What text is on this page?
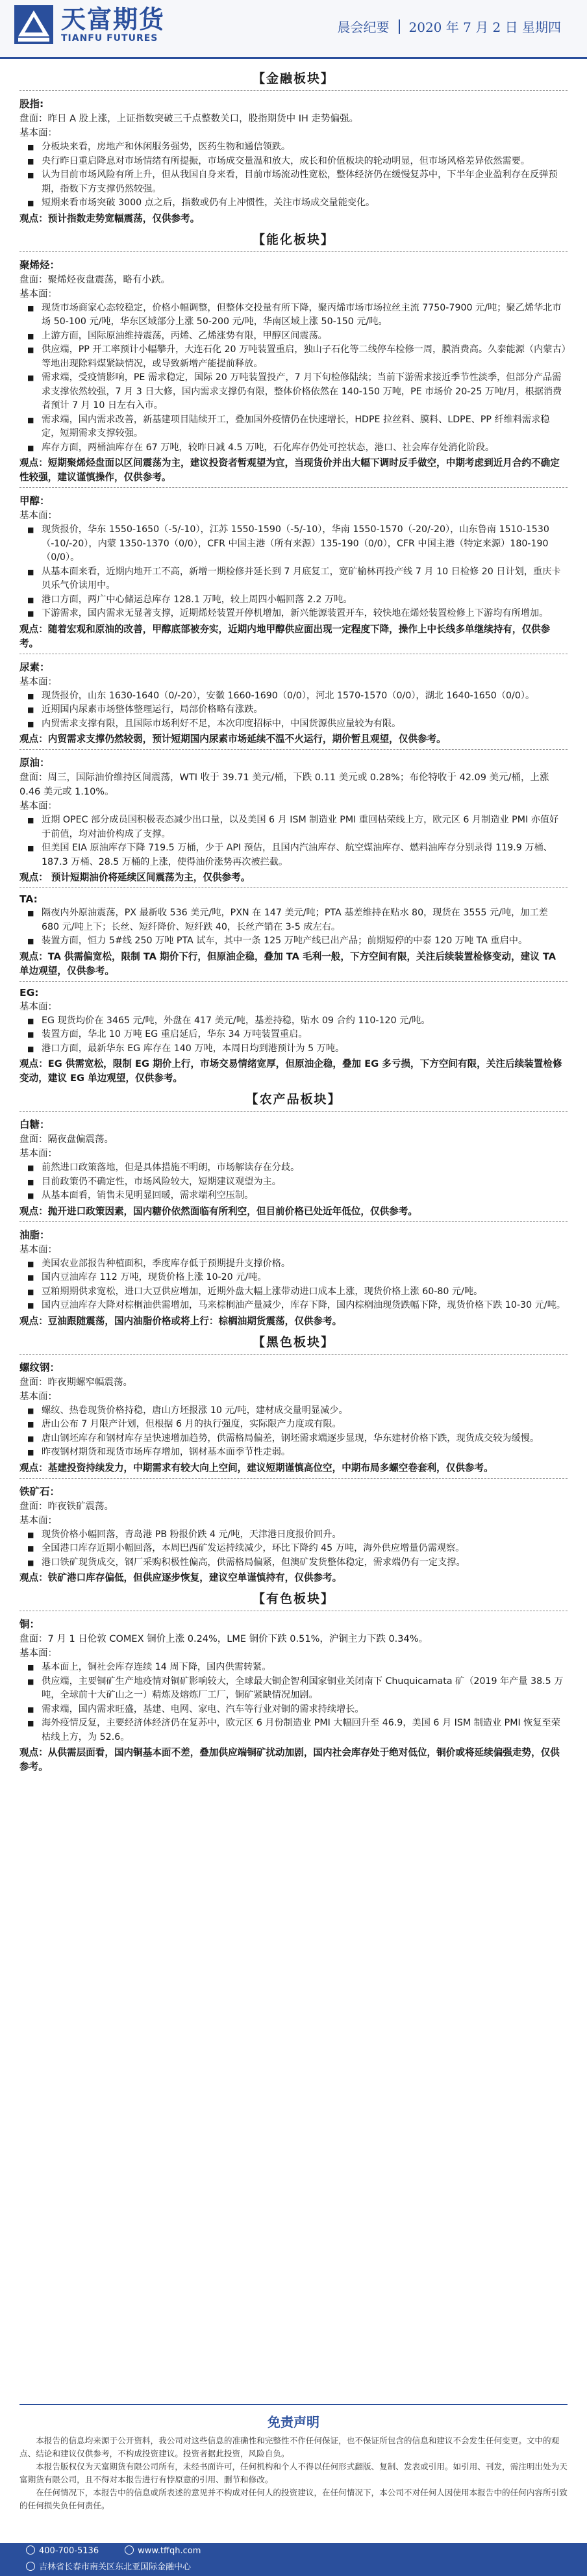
天富期货
TIANFU FUTURES
晨会纪要 2020 年 7 月 2 日 星期四
【金融板块】
股指:
盘面：昨日 A 股上涨，上证指数突破三千点整数关口，股指期货中 IH 走势偏强。
基本面：
■ 分板块来看，房地产和休闲服务强势，医药生物和通信领跌。
■ 央行昨日重启降息对市场情绪有所提振，市场成交量温和放大，成长和价值板块的轮动明显，但市场风格差异依然需要。
■ 认为目前市场风险有所上升，但从我国自身来看，目前市场流动性宽松，整体经济仍在缓慢复苏中，下半年企业盈利存在反弹预期，指数下方支撑仍然较强。
■ 短期来看市场突破 3000 点之后，指数或仍有上冲惯性，关注市场成交量能变化。
观点：预计指数走势宽幅震荡，仅供参考。
【能化板块】
聚烯烃：
盘面：聚烯烃夜盘震荡，略有小跌。
基本面：
■ 现货市场商家心态较稳定，价格小幅调整，但整体交投量有所下降，聚丙烯市场市场拉丝主流 7750-7900 元/吨；聚乙烯华北市场 50-100 元/吨，华东区域部分上涨 50-200 元/吨，华南区域上涨 50-150 元/吨。
■ 上游方面，国际原油维持震荡，丙烯、乙烯涨势有限，甲醇区间震荡。
■ 供应端，PP 开工率预计小幅攀升，大连石化 20 万吨装置重启，独山子石化等二线停车检修一周，膜消费高。久泰能源（内蒙古）等地出现除料煤紧缺情况，或导致新增产能提前释放。
■ 需求端，受疫情影响，PE 需求稳定，国际 20 万吨装置投产，7 月下旬检修陆续；当前下游需求接近季节性淡季，但部分产品需求支撑依然较强，7 月 3 日大修，国内需求支撑仍有限，整体价格依然在 140-150 万吨，PE 市场价 20-25 万吨/月，根据消费者预计 7 月 10 日左右入市。
■ 需求端，国内需求改善，新基建项目陆续开工，叠加国外疫情仍在快速增长，HDPE 拉丝料、膜料、LDPE、PP 纤维料需求稳定，短期需求支撑较强。
■ 库存方面，两桶油库存在 67 万吨，较昨日减 4.5 万吨，石化库存仍处可控状态，港口、社会库存处消化阶段。
观点：短期聚烯烃盘面以区间震荡为主，建议投资者暂观望为宜，当现货价并出大幅下调时反手做空，中期考虑到近月合约不确定性较强，建议谨慎操作，仅供参考。
甲醇：
基本面：
■ 现货报价，华东 1550-1650（-5/-10），江苏 1550-1590（-5/-10），华南 1550-1570（-20/-20），山东鲁南 1510-1530（-10/-20），内蒙 1350-1370（0/0），CFR 中国主港（所有来源）135-190（0/0），CFR 中国主港（特定来源）180-190（0/0）。
■ 从基本面来看，近期内地开工不高，新增一期检修并延长到 7 月底复工，宽矿榆林再投产线 7 月 10 日检修 20 日计划，重庆卡贝乐气价读用中。
■ 港口方面，两广中心储运总库存 128.1 万吨，较上周四小幅回落 2.2 万吨。
■ 下游需求，国内需求无显著支撑，近期烯烃装置开停机增加，新兴能源装置开车，较快地在烯烃装置检修上下游均有所增加。
观点：随着宏观和原油的改善，甲醇底部被夯实，近期内地甲醇供应面出现一定程度下降，操作上中长线多单继续持有，仅供参考。
尿素：
基本面：
■ 现货报价，山东 1630-1640（0/-20），安徽 1660-1690（0/0），河北 1570-1570（0/0），湖北 1640-1650（0/0）。
■ 近期国内尿素市场整体整理运行，局部价格略有涨跌。
■ 内贸需求支撑有限，且国际市场利好不足，本次印度招标中，中国货源供应量较为有限。
观点：内贸需求支撑仍然较弱，预计短期国内尿素市场延续不温不火运行，期价暂且观望，仅供参考。
原油：
盘面：周三，国际油价维持区间震荡，WTI 收于 39.71 美元/桶，下跌 0.11 美元或 0.28%；布伦特收于 42.09 美元/桶，上涨 0.46 美元或 1.10%。
基本面：
■ 近期 OPEC 部分成员国积极表态减少出口量，以及美国 6 月 ISM 制造业 PMI 重回枯荣线上方，欧元区 6 月制造业 PMI 亦值好于前值，均对油价构成了支撑。
■ 但美国 EIA 原油库存下降 719.5 万桶，少于 API 预估，且国内汽油库存、航空煤油库存、燃料油库存分别录得 119.9 万桶、187.3 万桶、28.5 万桶的上涨，使得油价涨势再次被拦截。
观点： 预计短期油价将延续区间震荡为主，仅供参考。
TA:
■ 隔夜内外原油震荡，PX 最新收 536 美元/吨，PXN 在 147 美元/吨；PTA 基差维持在贴水 80，现货在 3555 元/吨，加工差 680 元/吨上下；长丝、短纤降价、短纤跌 40，长丝产销在 3-5 成左右。
■ 装置方面，恒力 5#线 250 万吨 PTA 试车，其中一条 125 万吨产线已出产品；前期短停的中泰 120 万吨 TA 重启中。
观点：TA 供需偏宽松，限制 TA 期价下行，但原油企稳，叠加 TA 毛利一般，下方空间有限，关注后续装置检修变动，建议 TA 单边观望，仅供参考。
EG:
基本面：
■ EG 现货均价在 3465 元/吨，外盘在 417 美元/吨，基差持稳，贴水 09 合约 110-120 元/吨。
■ 装置方面，华北 10 万吨 EG 重启延后，华东 34 万吨装置重启。
■ 港口方面，最新华东 EG 库存在 140 万吨，本周日均到港预计为 5 万吨。
观点：EG 供需宽松，限制 EG 期价上行，市场交易情绪宽厚，但原油企稳，叠加 EG 多亏损，下方空间有限，关注后续装置检修变动，建议 EG 单边观望，仅供参考。
【农产品板块】
白糖：
盘面：隔夜盘偏震荡。
基本面：
■ 前然进口政策落地，但是具体措施不明朗，市场解读存在分歧。
■ 目前政策仍不确定性，市场风险较大，短期建议观望为主。
■ 从基本面看，销售未见明显回暖，需求端利空压制。
观点：抛开进口政策因素，国内糖价依然面临有所利空，但目前价格已处近年低位，仅供参考。
油脂：
基本面：
■ 美国农业部报告种植面积，季度库存低于预期提升支撑价格。
■ 国内豆油库存 112 万吨，现货价格上涨 10-20 元/吨。
■ 豆粕期期供求宽松，进口大豆供应增加，近期外盘大幅上涨带动进口成本上涨，现货价格上涨 60-80 元/吨。
■ 国内豆油库存大降对棕榈油供需增加，马来棕榈油产量减少，库存下降，国内棕榈油现货跌幅下降，现货价格下跌 10-30 元/吨。
观点：豆油跟随震荡，国内油脂价格或将上行：棕榈油期货震荡，仅供参考。
【黑色板块】
螺纹钢：
盘面：昨夜期螺窄幅震荡。
基本面：
■ 螺纹、热卷现货价格持稳，唐山方坯报涨 10 元/吨，建材成交量明显减少。
■ 唐山公布 7 月限产计划，但根据 6 月的执行强度，实际限产力度或有限。
■ 唐山钢坯库存和钢材库存呈快速增加趋势，供需格局偏差，钢坯需求端逐步显现，华东建材价格下跌，现货成交较为缓慢。
■ 昨夜钢材期货和现货市场库存增加，钢材基本面季节性走弱。
观点：基建投资持续发力，中期需求有较大向上空间，建议短期谨慎高位空，中期布局多螺空卷套利，仅供参考。
铁矿石：
盘面：昨夜铁矿震荡。
基本面：
■ 现货价格小幅回落，青岛港 PB 粉报价跌 4 元/吨，天津港日度报价回升。
■ 全国港口库存近期小幅回落，本周巴西矿发运持续减少，环比下降约 45 万吨，海外供应增量仍需观察。
■ 港口铁矿现货成交，钢厂采购积极性偏高，供需格局偏紧，但澳矿发货整体稳定，需求端仍有一定支撑。
观点：铁矿港口库存偏低，但供应逐步恢复，建议空单谨慎持有，仅供参考。
【有色板块】
铜：
盘面：7 月 1 日伦敦 COMEX 铜价上涨 0.24%，LME 铜价下跌 0.51%，沪铜主力下跌 0.34%。
基本面：
■ 基本面上，铜社会库存连续 14 周下降，国内供需转紧。
■ 供应端，主要铜矿生产地疫情对铜矿影响较大，全球最大铜企智利国家铜业关闭南下 Chuquicamata 矿（2019 年产量 38.5 万吨，全球前十大矿山之一）精炼及熔炼厂工厂，铜矿紧缺情况加剧。
■ 需求端，国内需求旺盛，基建、电网、家电、汽车等行业对铜的需求持续增长。
■ 海外疫情反复，主要经济体经济仍在复苏中，欧元区 6 月份制造业 PMI 大幅回升至 46.9，美国 6 月 ISM 制造业 PMI 恢复至荣枯线上方，为 52.6。
观点：从供需层面看，国内铜基本面不差，叠加供应端铜矿扰动加剧，国内社会库存处于绝对低位，铜价或将延续偏强走势，仅供参考。
免责声明

本报告的信息均来源于公开资料，我公司对这些信息的准确性和完整性不作任何保证，也不保证所包含的信息和建议不会发生任何变更。文中的观点、结论和建议仅供参考，不构成投资建议。投资者据此投资，风险自负。

本报告版权仅为天富期货有限公司所有，未经书面许可，任何机构和个人不得以任何形式翻版、复制、发表或引用。如引用、刊发，需注明出处为天富期货有限公司，且不得对本报告进行有悖原意的引用、删节和修改。

在任何情况下，本报告中的信息或所表述的意见并不构成对任何人的投资建议，在任何情况下，本公司不对任何人因使用本报告中的任何内容所引致的任何损失负任何责任。

400-700-5136	www.tffqh.com
吉林省长春市南关区东北亚国际金融中心
